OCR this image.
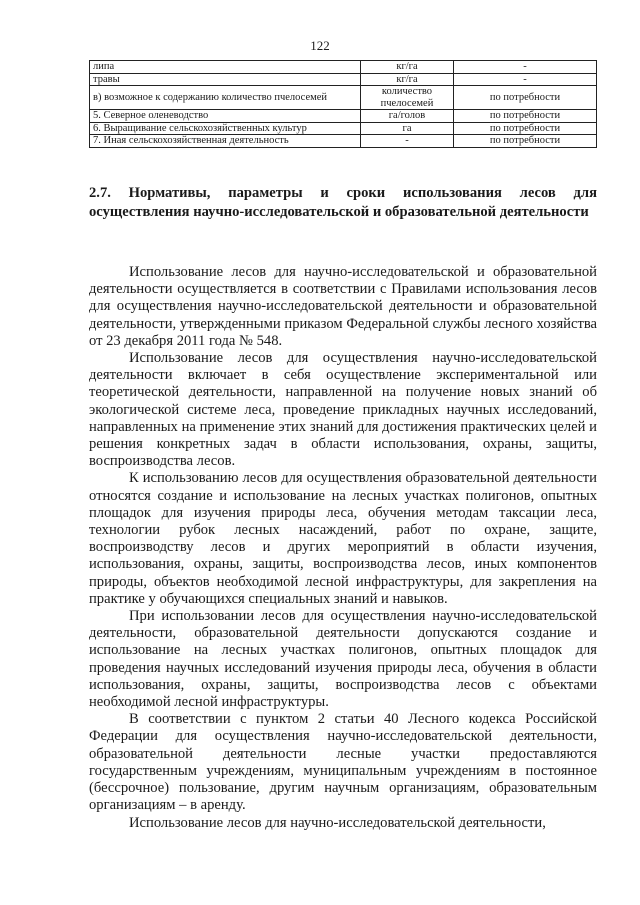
122
липа	кг/га	-
травы	кг/га	-
в) возможное к содержанию количество пчелосемей	количество пчелосемей	по потребности
5. Северное оленеводство	га/голов	по потребности
6. Выращивание сельскохозяйственных культур	га	по потребности
7. Иная сельскохозяйственная деятельность	-	по потребности
2.7. Нормативы, параметры и сроки использования лесов для осуществления научно-исследовательской и образовательной деятельности

Использование лесов для научно-исследовательской и образовательной деятельности осуществляется в соответствии с Правилами использования лесов для осуществления научно-исследовательской деятельности и образовательной деятельности, утвержденными приказом Федеральной службы лесного хозяйства от 23 декабря 2011 года № 548.

Использование лесов для осуществления научно-исследовательской деятельности включает в себя осуществление экспериментальной или теоретической деятельности, направленной на получение новых знаний об экологической системе леса, проведение прикладных научных исследований, направленных на применение этих знаний для достижения практических целей и решения конкретных задач в области использования, охраны, защиты, воспроизводства лесов.

К использованию лесов для осуществления образовательной деятельности относятся создание и использование на лесных участках полигонов, опытных площадок для изучения природы леса, обучения методам таксации леса, технологии рубок лесных насаждений, работ по охране, защите, воспроизводству лесов и других мероприятий в области изучения, использования, охраны, защиты, воспроизводства лесов, иных компонентов природы, объектов необходимой лесной инфраструктуры, для закрепления на практике у обучающихся специальных знаний и навыков.

При использовании лесов для осуществления научно-исследовательской деятельности, образовательной деятельности допускаются создание и использование на лесных участках полигонов, опытных площадок для проведения научных исследований изучения природы леса, обучения в области использования, охраны, защиты, воспроизводства лесов с объектами необходимой лесной инфраструктуры.

В соответствии с пунктом 2 статьи 40 Лесного кодекса Российской Федерации для осуществления научно-исследовательской деятельности, образовательной деятельности лесные участки предоставляются государственным учреждениям, муниципальным учреждениям в постоянное (бессрочное) пользование, другим научным организациям, образовательным организациям – в аренду.

Использование лесов для научно-исследовательской деятельности,
